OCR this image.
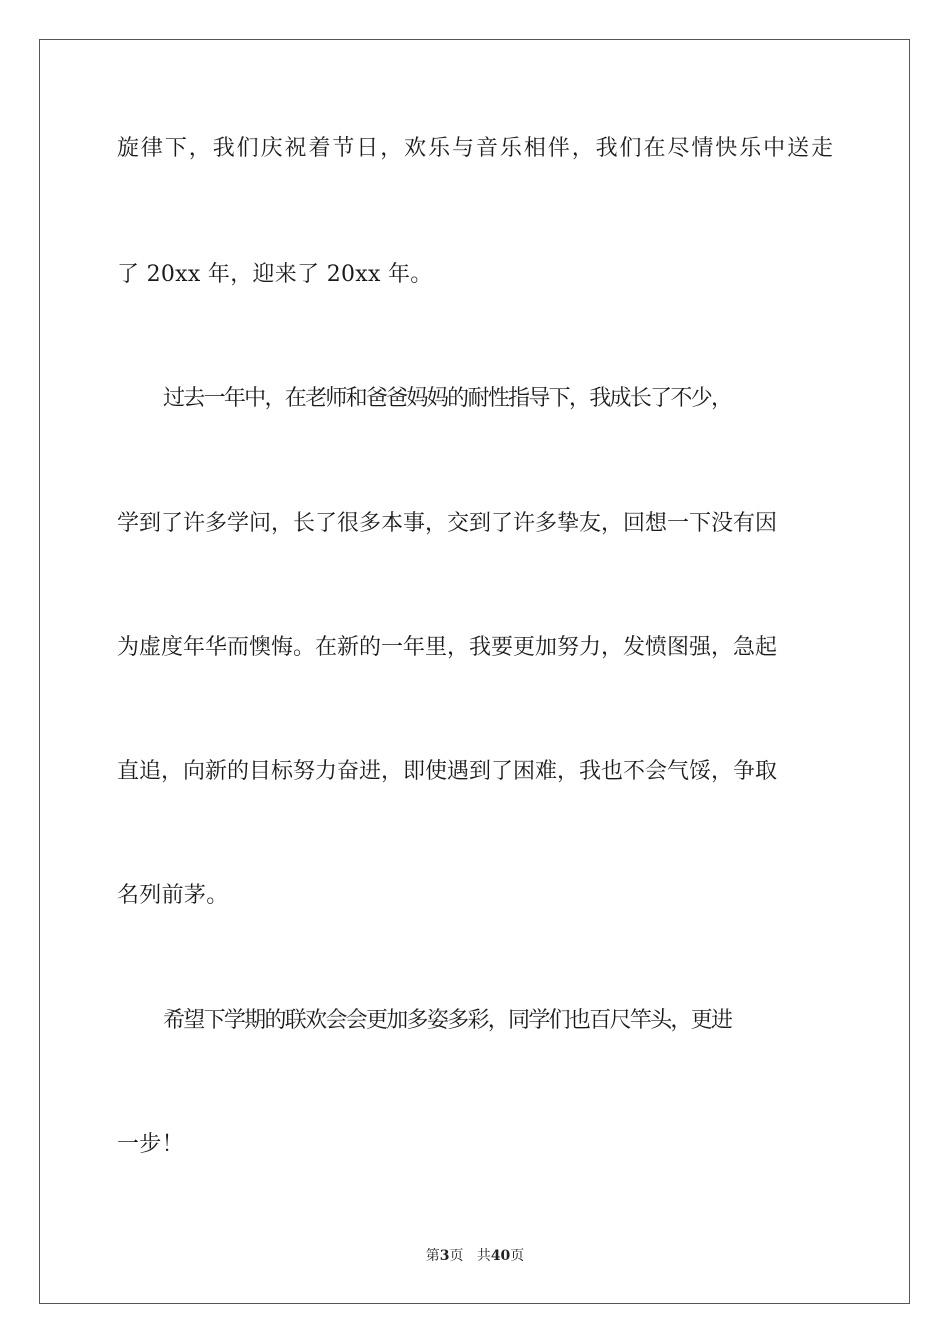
旋律下，我们庆祝着节日，欢乐与音乐相伴，我们在尽情快乐中送走
了 20xx 年，迎来了 20xx 年。
过去一年中，在老师和爸爸妈妈的耐性指导下，我成长了不少，
学到了许多学问，长了很多本事，交到了许多挚友，回想一下没有因
为虚度年华而懊悔。在新的一年里，我要更加努力，发愤图强，急起
直追，向新的目标努力奋进，即使遇到了困难，我也不会气馁，争取
名列前茅。
希望下学期的联欢会会更加多姿多彩，同学们也百尺竿头，更进
一步！
第3页 共40页
